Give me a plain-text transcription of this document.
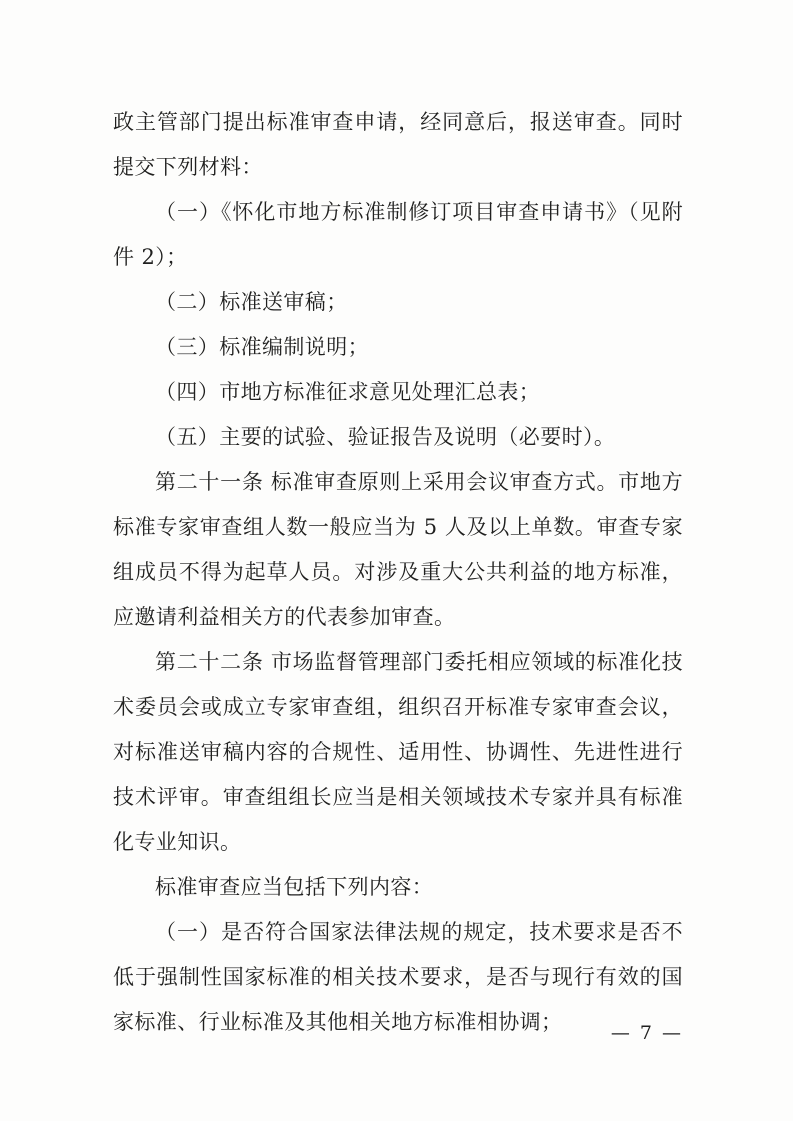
政主管部门提出标准审查申请，经同意后，报送审查。同时提交下列材料：

（一）《怀化市地方标准制修订项目审查申请书》（见附件 2）；

（二）标准送审稿；

（三）标准编制说明；

（四）市地方标准征求意见处理汇总表；

（五）主要的试验、验证报告及说明（必要时）。

第二十一条 标准审查原则上采用会议审查方式。市地方标准专家审查组人数一般应当为 5 人及以上单数。审查专家组成员不得为起草人员。对涉及重大公共利益的地方标准，应邀请利益相关方的代表参加审查。

第二十二条 市场监督管理部门委托相应领域的标准化技术委员会或成立专家审查组，组织召开标准专家审查会议，对标准送审稿内容的合规性、适用性、协调性、先进性进行技术评审。审查组组长应当是相关领域技术专家并具有标准化专业知识。

标准审查应当包括下列内容：

（一）是否符合国家法律法规的规定，技术要求是否不低于强制性国家标准的相关技术要求，是否与现行有效的国家标准、行业标准及其他相关地方标准相协调；	— 7 —
